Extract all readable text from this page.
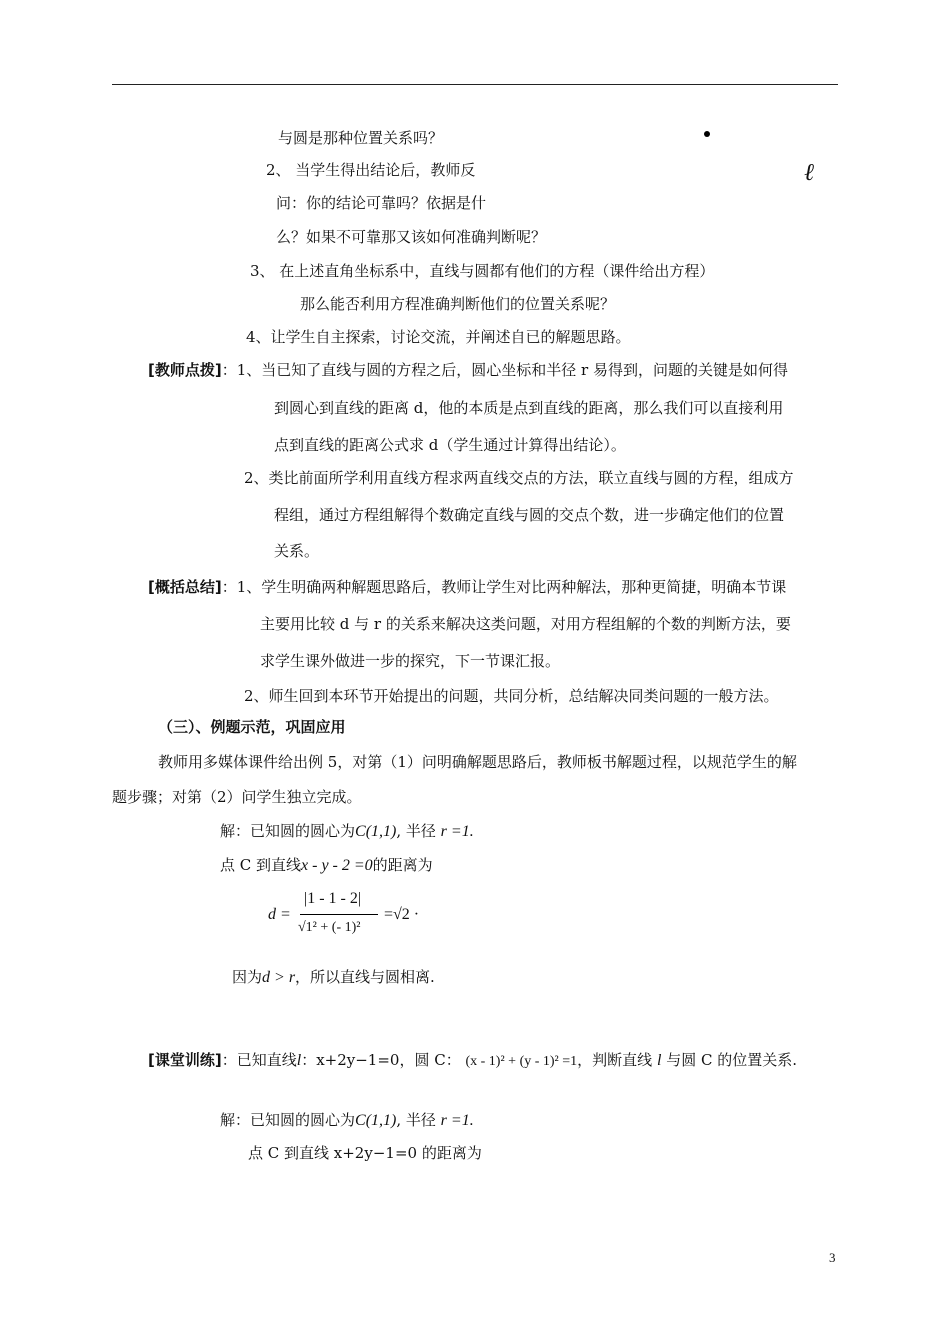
ℓ
与圆是那种位置关系吗？
2、 当学生得出结论后，教师反
问：你的结论可靠吗？依据是什
么？如果不可靠那又该如何准确判断呢？
3、 在上述直角坐标系中，直线与圆都有他们的方程（课件给出方程）
那么能否利用方程准确判断他们的位置关系呢？
4、让学生自主探索，讨论交流，并阐述自已的解题思路。
[教师点拨]：1、当已知了直线与圆的方程之后，圆心坐标和半径 r 易得到，问题的关键是如何得
到圆心到直线的距离 d，他的本质是点到直线的距离，那么我们可以直接利用
点到直线的距离公式求 d（学生通过计算得出结论）。
2、类比前面所学利用直线方程求两直线交点的方法，联立直线与圆的方程，组成方
程组，通过方程组解得个数确定直线与圆的交点个数，进一步确定他们的位置
关系。
[概括总结]：1、学生明确两种解题思路后，教师让学生对比两种解法，那种更简捷，明确本节课
主要用比较 d 与 r 的关系来解决这类问题，对用方程组解的个数的判断方法，要
求学生课外做进一步的探究，下一节课汇报。
2、师生回到本环节开始提出的问题，共同分析，总结解决同类问题的一般方法。
（三）、例题示范，巩固应用
教师用多媒体课件给出例 5，对第（1）问明确解题思路后，教师板书解题过程，以规范学生的解
题步骤；对第（2）问学生独立完成。
解：已知圆的圆心为C(1,1), 半径 r =1.
点 C 到直线x - y - 2 =0的距离为
d =
|1 - 1 - 2|
√1² + (- 1)²
=√2 ·
因为d > r，所以直线与圆相离.
[课堂训练]：已知直线l：x+2y−1=0，圆 C： (x - 1)² + (y - 1)² =1，判断直线 l 与圆 C 的位置关系.
解：已知圆的圆心为C(1,1), 半径 r =1.
点 C 到直线 x+2y−1=0 的距离为
3
